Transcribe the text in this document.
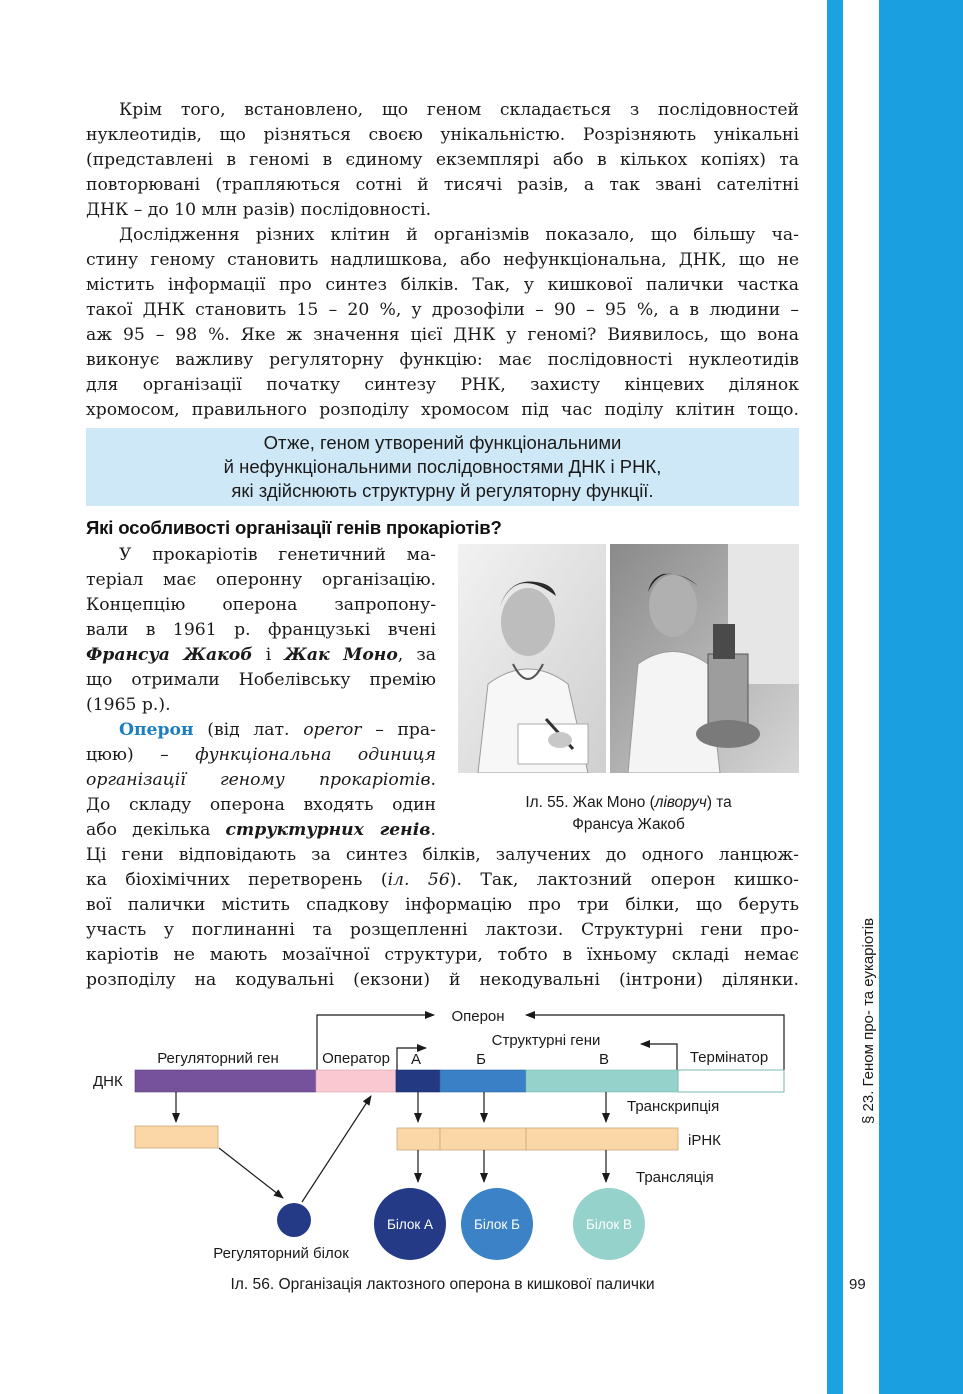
Крім того, встановлено, що геном складається з послідовностей

нуклеотидів, що різняться своєю унікальністю. Розрізняють унікальні
(представлені в геномі в єдиному екземплярі або в кількох копіях) та
повторювані (трапляються сотні й тисячі разів, а так звані сателітні
ДНК – до 10 млн разів) послідовності.

Дослідження різних клітин й організмів показало, що більшу ча-

стину геному становить надлишкова, або нефункціональна, ДНК, що не
містить інформації про синтез білків. Так, у кишкової палички частка
такої ДНК становить 15 – 20 %, у дрозофіли – 90 – 95 %, а в людини –
аж 95 – 98 %. Яке ж значення цієї ДНК у геномі? Виявилось, що вона
виконує важливу регуляторну функцію: має послідовності нуклеотидів
для організації початку синтезу РНК, захисту кінцевих ділянок
хромосом, правильного розподілу хромосом під час поділу клітин тощо.
Отже, геном утворений функціональними
й нефункціональними послідовностями ДНК і РНК,
які здійснюють структурну й регуляторну функції.
Які особливості організації генів прокаріотів?
У прокаріотів генетичний ма-
теріал має оперонну організацію.
Концепцію оперона запропону-
вали в 1961 р. французькі вчені
Франсуа Жакоб і Жак Моно, за
що отримали Нобелівську премію
(1965 р.).
Оперон (від лат. operor – пра-
цюю) – функціональна одиниця
організації геному прокаріотів.
До складу оперона входять один
або декілька структурних генів.
Іл. 55. Жак Моно (ліворуч) та
Франсуа Жакоб
Ці гени відповідають за синтез білків, залучених до одного ланцюж-
ка біохімічних перетворень (іл. 56). Так, лактозний оперон кишко-
вої палички містить спадкову інформацію про три білки, що беруть
участь у поглинанні та розщепленні лактози. Структурні гени про-
каріотів не мають мозаїчної структури, тобто в їхньому складі немає
розподілу на кодувальні (екзони) й некодувальні (інтрони) ділянки.
Оперон
Структурні гени
Регуляторний ген	Оператор А	Б	В	Термінатор
ДНК
Транскрипція
іРНК
Регуляторний білок
Трансляція
Білок А	Білок Б	Білок В
Іл. 56. Організація лактозного оперона в кишкової палички
§ 23. Геном про- та еукаріотів
99
